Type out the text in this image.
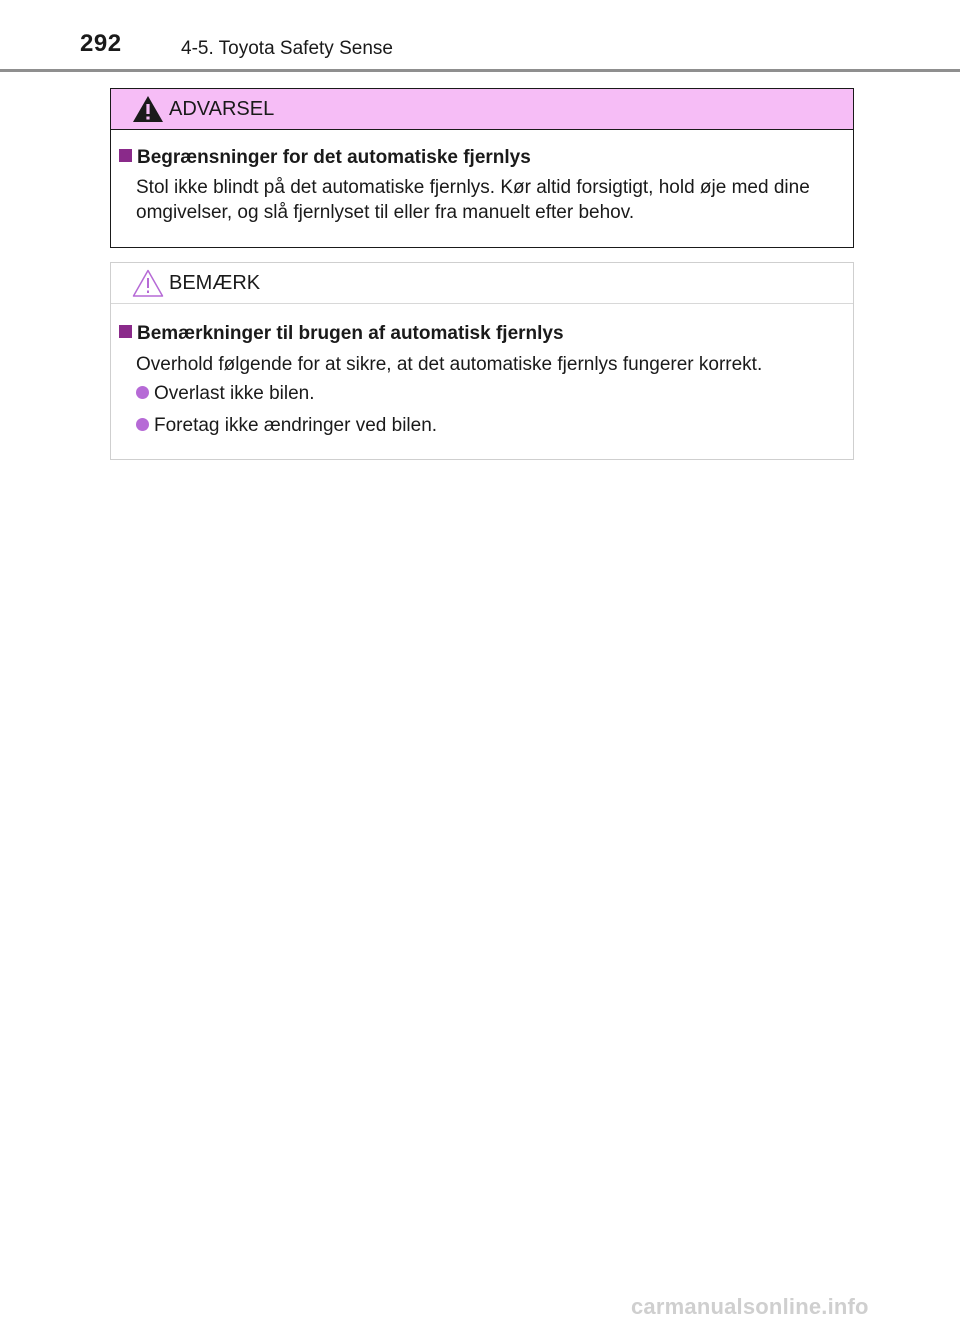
292	4-5. Toyota Safety Sense
ADVARSEL
Begrænsninger for det automatiske fjernlys
Stol ikke blindt på det automatiske fjernlys. Kør altid forsigtigt, hold øje med dine omgivelser, og slå fjernlyset til eller fra manuelt efter behov.
BEMÆRK
Bemærkninger til brugen af automatisk fjernlys
Overhold følgende for at sikre, at det automatiske fjernlys fungerer korrekt.
Overlast ikke bilen.
Foretag ikke ændringer ved bilen.
carmanualsonline.info
